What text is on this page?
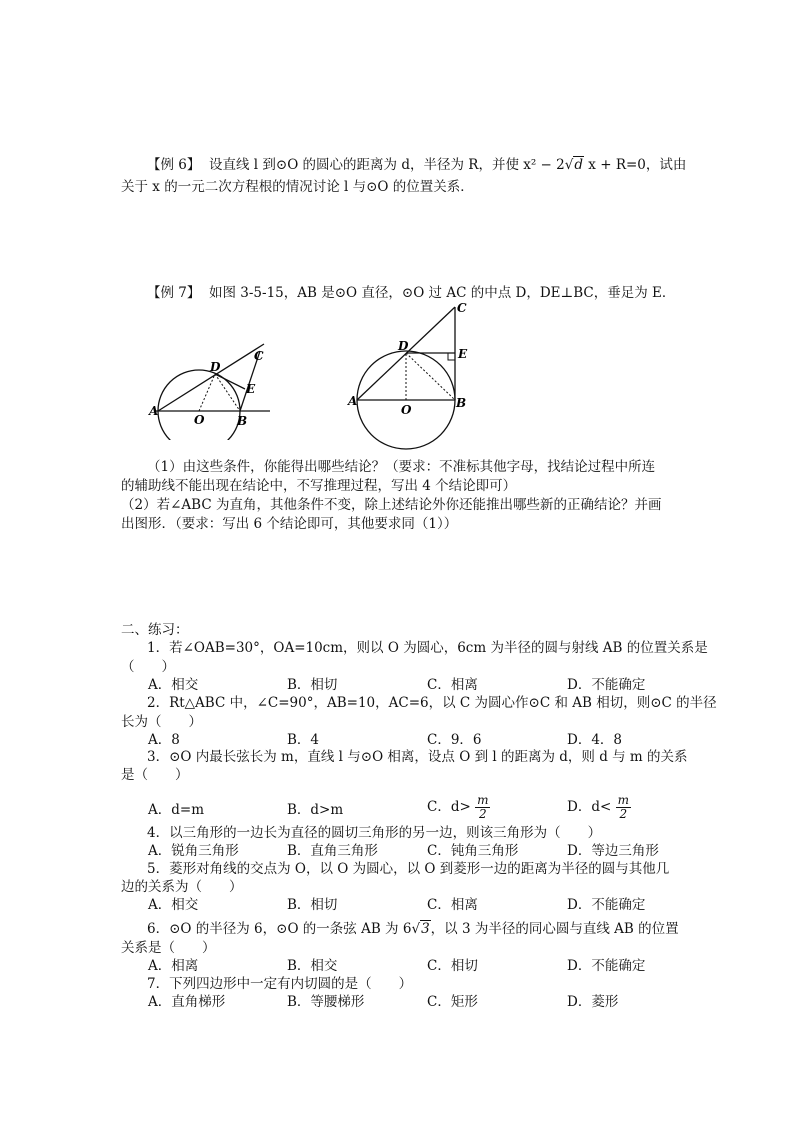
【例 6】 设直线 l 到⊙O 的圆心的距离为 d，半径为 R，并使 x² − 2√d x + R=0，试由
关于 x 的一元二次方程根的情况讨论 l 与⊙O 的位置关系．
【例 7】 如图 3-5-15，AB 是⊙O 直径，⊙O 过 AC 的中点 D，DE⊥BC，垂足为 E．
A
O	B
D
E
C
A
O	B
D
E
C
（1）由这些条件，你能得出哪些结论？（要求：不准标其他字母，找结论过程中所连
的辅助线不能出现在结论中，不写推理过程，写出 4 个结论即可）
（2）若∠ABC 为直角，其他条件不变，除上述结论外你还能推出哪些新的正确结论？并画
出图形．（要求：写出 6 个结论即可，其他要求同（1））
二、练习：
1．若∠OAB=30°，OA=10cm，则以 O 为圆心，6cm 为半径的圆与射线 AB 的位置关系是
（　　）
A．相交	B．相切	C．相离	D．不能确定
2．Rt△ABC 中，∠C=90°，AB=10，AC=6，以 C 为圆心作⊙C 和 AB 相切，则⊙C 的半径
长为（　　）
A．8	B．4	C．9．6	D．4．8
3．⊙O 内最长弦长为 m，直线 l 与⊙O 相离，设点 O 到 l 的距离为 d，则 d 与 m 的关系
是（　　）
A．d=m	B．d>m	C．$d> \frac{m}{2}$	D．$d< \frac{m}{2}$
4．以三角形的一边长为直径的圆切三角形的另一边，则该三角形为（　　）
A．锐角三角形	B．直角三角形	C．钝角三角形	D．等边三角形
5．菱形对角线的交点为 O，以 O 为圆心，以 O 到菱形一边的距离为半径的圆与其他几
边的关系为（　　）
A．相交	B．相切	C．相离	D．不能确定
6．⊙O 的半径为 6，⊙O 的一条弦 AB 为 6√3，以 3 为半径的同心圆与直线 AB 的位置
关系是（　　）
A．相离	B．相交	C．相切	D．不能确定
7．下列四边形中一定有内切圆的是（　　）
A．直角梯形	B．等腰梯形	C．矩形	D．菱形
